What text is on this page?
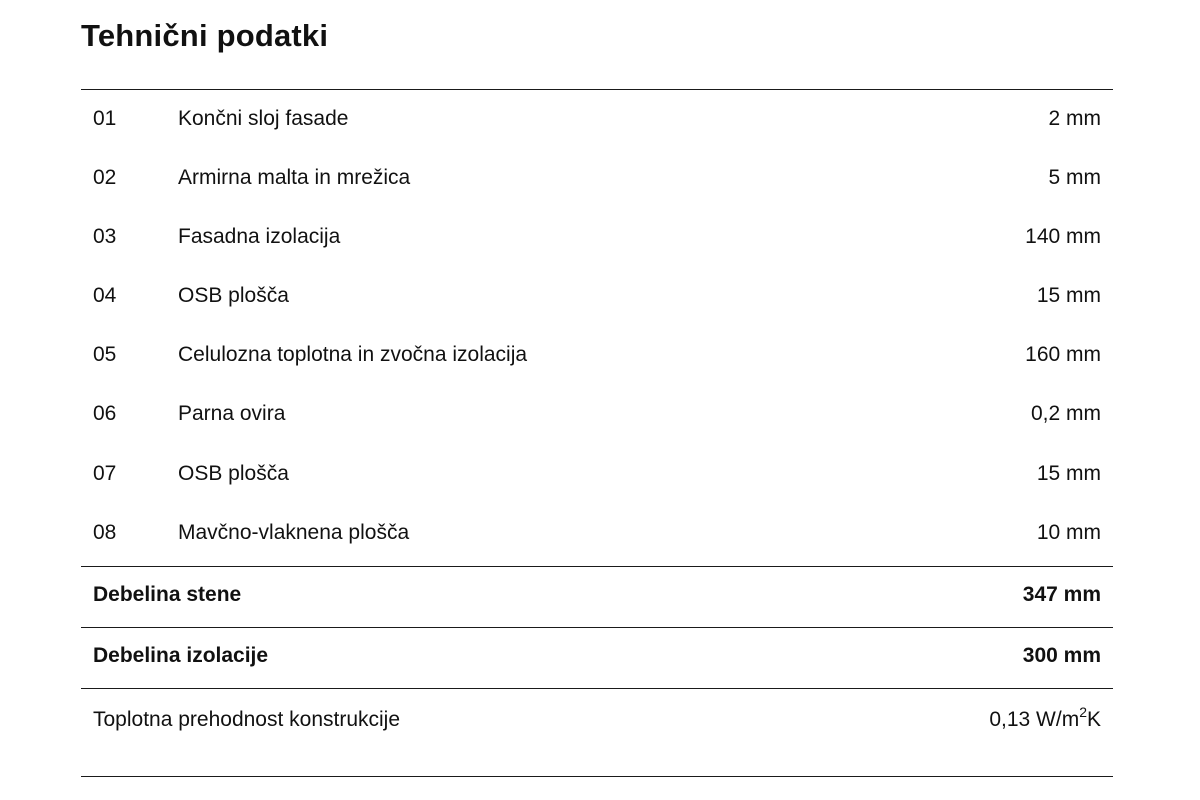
Tehnični podatki
01	Končni sloj fasade	2 mm
02	Armirna malta in mrežica	5 mm
03	Fasadna izolacija	140 mm
04	OSB plošča	15 mm
05	Celulozna toplotna in zvočna izolacija	160 mm
06	Parna ovira	0,2 mm
07	OSB plošča	15 mm
08	Mavčno-vlaknena plošča	10 mm
Debelina stene	347 mm
Debelina izolacije	300 mm
Toplotna prehodnost konstrukcije	0,13 $W/m^2K$
